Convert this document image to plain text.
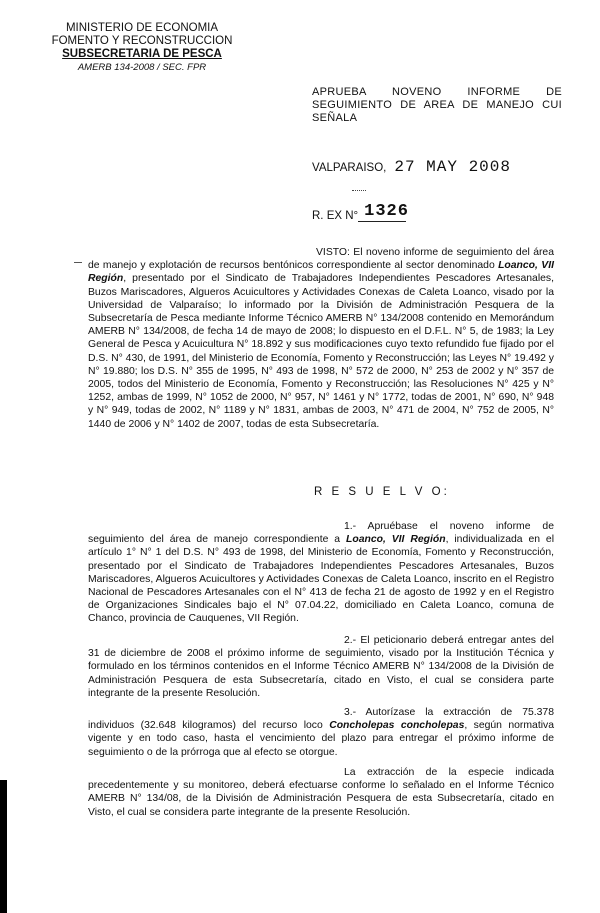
MINISTERIO DE ECONOMIA
FOMENTO Y RECONSTRUCCION
SUBSECRETARIA DE PESCA
AMERB 134-2008 / SEC. FPR
APRUEBA NOVENO INFORME DE SEGUIMIENTO DE AREA DE MANEJO CUI SEÑALA
VALPARAISO, 27 MAY 2008
R. EX N° 1326
VISTO: El noveno informe de seguimiento del área de manejo y explotación de recursos bentónicos correspondiente al sector denominado Loanco, VII Región, presentado por el Sindicato de Trabajadores Independientes Pescadores Artesanales, Buzos Mariscadores, Algueros Acuicultores y Actividades Conexas de Caleta Loanco, visado por la Universidad de Valparaíso; lo informado por la División de Administración Pesquera de la Subsecretaría de Pesca mediante Informe Técnico AMERB N° 134/2008 contenido en Memorándum AMERB N° 134/2008, de fecha 14 de mayo de 2008; lo dispuesto en el D.F.L. N° 5, de 1983; la Ley General de Pesca y Acuicultura N° 18.892 y sus modificaciones cuyo texto refundido fue fijado por el D.S. N° 430, de 1991, del Ministerio de Economía, Fomento y Reconstrucción; las Leyes N° 19.492 y N° 19.880; los D.S. N° 355 de 1995, N° 493 de 1998, N° 572 de 2000, N° 253 de 2002 y N° 357 de 2005, todos del Ministerio de Economía, Fomento y Reconstrucción; las Resoluciones N° 425 y N° 1252, ambas de 1999, N° 1052 de 2000, N° 957, N° 1461 y N° 1772, todas de 2001, N° 690, N° 948 y N° 949, todas de 2002, N° 1189 y N° 1831, ambas de 2003, N° 471 de 2004, N° 752 de 2005, N° 1440 de 2006 y N° 1402 de 2007, todas de esta Subsecretaría.
R E S U E L V O:
1.- Apruébase el noveno informe de seguimiento del área de manejo correspondiente a Loanco, VII Región, individualizada en el artículo 1° N° 1 del D.S. N° 493 de 1998, del Ministerio de Economía, Fomento y Reconstrucción, presentado por el Sindicato de Trabajadores Independientes Pescadores Artesanales, Buzos Mariscadores, Algueros Acuicultores y Actividades Conexas de Caleta Loanco, inscrito en el Registro Nacional de Pescadores Artesanales con el N° 413 de fecha 21 de agosto de 1992 y en el Registro de Organizaciones Sindicales bajo el N° 07.04.22, domiciliado en Caleta Loanco, comuna de Chanco, provincia de Cauquenes, VII Región.
2.- El peticionario deberá entregar antes del 31 de diciembre de 2008 el próximo informe de seguimiento, visado por la Institución Técnica y formulado en los términos contenidos en el Informe Técnico AMERB N° 134/2008 de la División de Administración Pesquera de esta Subsecretaría, citado en Visto, el cual se considera parte integrante de la presente Resolución.
3.- Autorízase la extracción de 75.378 individuos (32.648 kilogramos) del recurso loco Concholepas concholepas, según normativa vigente y en todo caso, hasta el vencimiento del plazo para entregar el próximo informe de seguimiento o de la prórroga que al efecto se otorgue.
La extracción de la especie indicada precedentemente y su monitoreo, deberá efectuarse conforme lo señalado en el Informe Técnico AMERB N° 134/08, de la División de Administración Pesquera de esta Subsecretaría, citado en Visto, el cual se considera parte integrante de la presente Resolución.
